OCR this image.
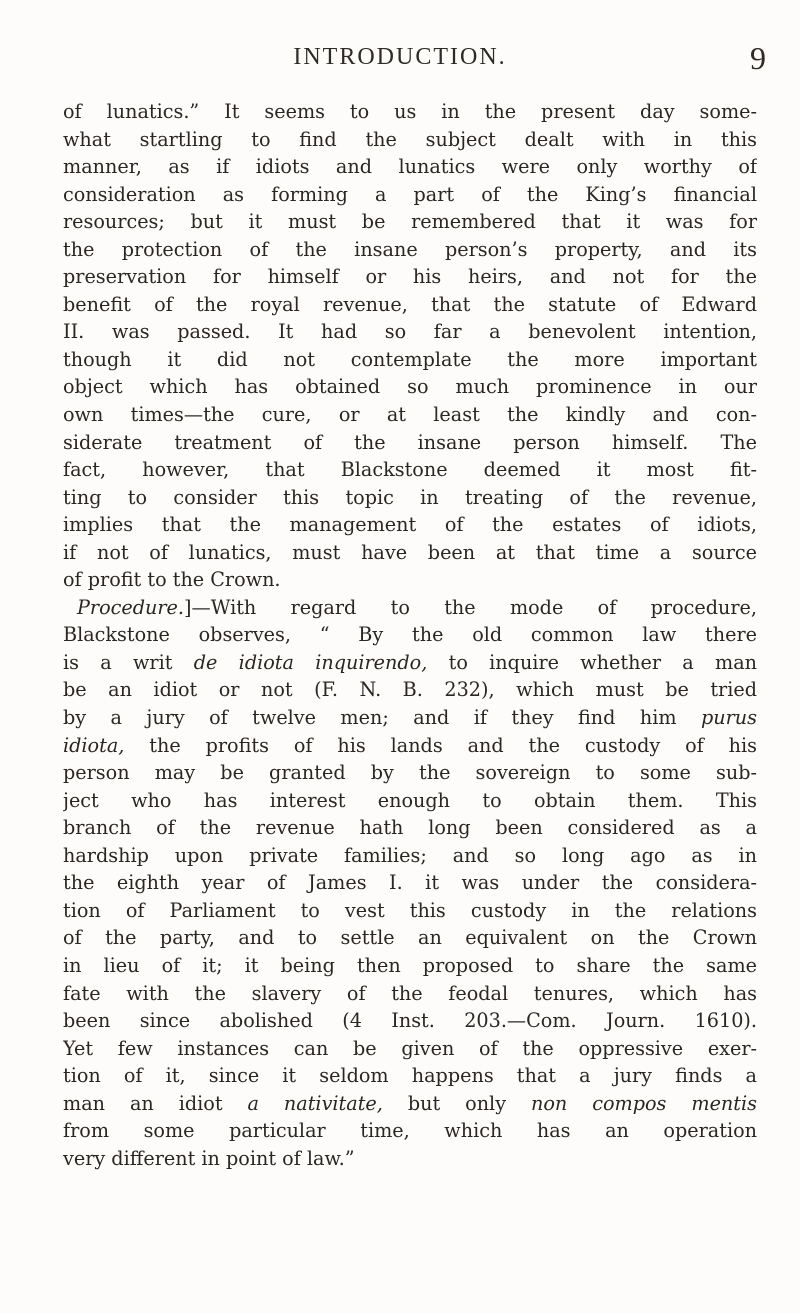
INTRODUCTION.	9
of lunatics.” It seems to us in the present day some-
what startling to find the subject dealt with in this
manner, as if idiots and lunatics were only worthy of
consideration as forming a part of the King’s financial
resources; but it must be remembered that it was for
the protection of the insane person’s property, and its
preservation for himself or his heirs, and not for the
benefit of the royal revenue, that the statute of Edward
II. was passed. It had so far a benevolent intention,
though it did not contemplate the more important
object which has obtained so much prominence in our
own times—the cure, or at least the kindly and con-
siderate treatment of the insane person himself. The
fact, however, that Blackstone deemed it most fit-
ting to consider this topic in treating of the revenue,
implies that the management of the estates of idiots,
if not of lunatics, must have been at that time a source
of profit to the Crown.
Procedure.]—With regard to the mode of procedure,
Blackstone observes, “ By the old common law there
is a writ de idiota inquirendo, to inquire whether a man
be an idiot or not (F. N. B. 232), which must be tried
by a jury of twelve men; and if they find him purus
idiota, the profits of his lands and the custody of his
person may be granted by the sovereign to some sub-
ject who has interest enough to obtain them. This
branch of the revenue hath long been considered as a
hardship upon private families; and so long ago as in
the eighth year of James I. it was under the considera-
tion of Parliament to vest this custody in the relations
of the party, and to settle an equivalent on the Crown
in lieu of it; it being then proposed to share the same
fate with the slavery of the feodal tenures, which has
been since abolished (4 Inst. 203.—Com. Journ. 1610).
Yet few instances can be given of the oppressive exer-
tion of it, since it seldom happens that a jury finds a
man an idiot a nativitate, but only non compos mentis
from some particular time, which has an operation
very different in point of law.”
